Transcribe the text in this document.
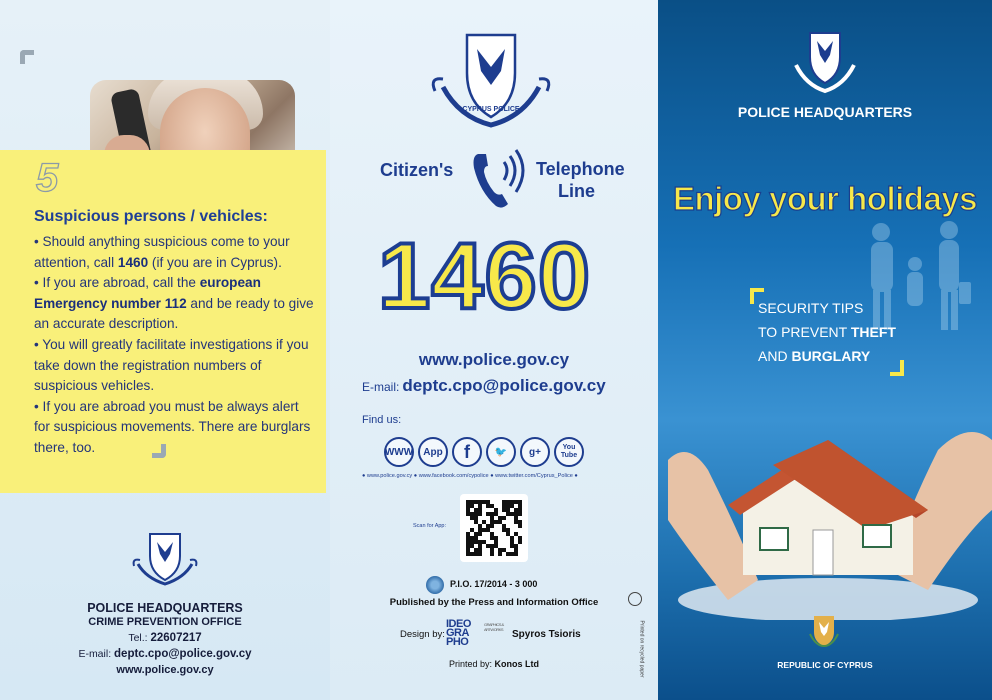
5
Suspicious persons / vehicles:
• Should anything suspicious come to your attention, call 1460 (if you are in Cyprus).
• If you are abroad, call the european Emergency number 112 and be ready to give an accurate description.
• You will greatly facilitate investigations if you take down the registration numbers of suspicious vehicles.
• If you are abroad you must be always alert for suspicious movements. There are burglars there, too.
POLICE HEADQUARTERS
CRIME PREVENTION OFFICE
Tel.: 22607217
E-mail: deptc.cpo@police.gov.cy
www.police.gov.cy
CYPRUS POLICE
Citizen's	Telephone
Line
1460
www.police.gov.cy
E-mail: deptc.cpo@police.gov.cy
Find us:
WWW	App	f	🐦	g+	You Tube
● www.police.gov.cy ● www.facebook.com/cypolice ● www.twitter.com/Cyprus_Police ●
Scan for App:
P.I.O. 17/2014 - 3 000
Published by the Press and Information Office
Design by:
IDEO
GRA
PHO
GRAPHICS & ARTWORKS Spyros Tsioris
Printed by: Konos Ltd	Printed on recycled paper
POLICE HEADQUARTERS
Enjoy your holidays
SECURITY TIPS
TO PREVENT THEFT
AND BURGLARY
REPUBLIC OF CYPRUS
